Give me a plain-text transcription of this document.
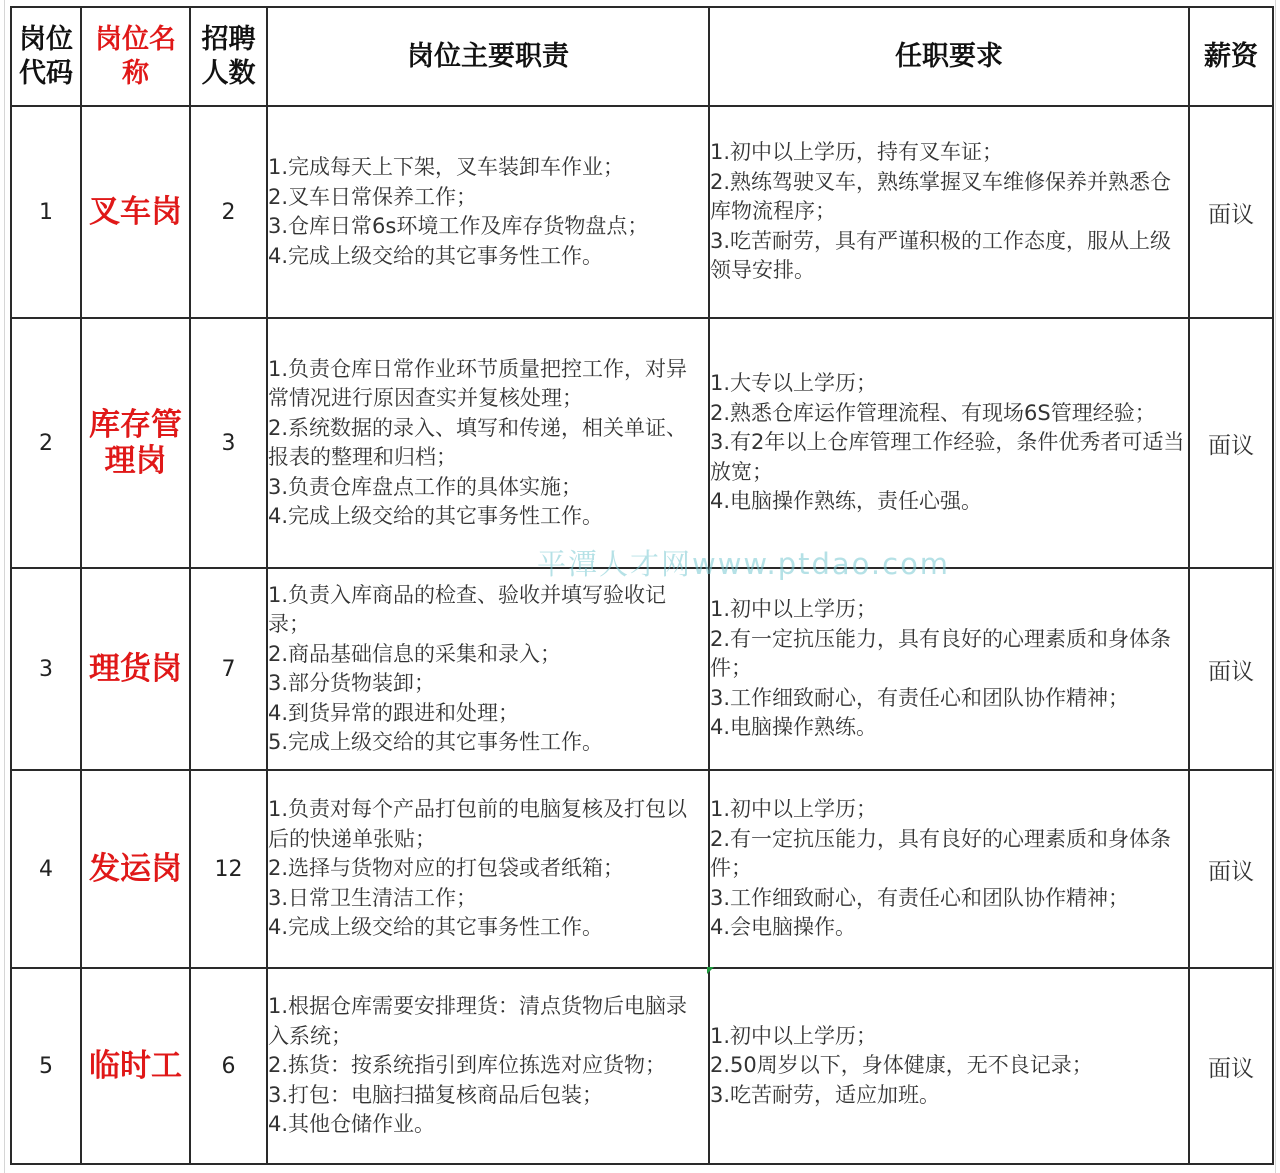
岗位代码	岗位名称	招聘人数	岗位主要职责	任职要求	薪资
1	叉车岗	2	1.完成每天上下架，叉车装卸车作业；
2.叉车日常保养工作；
3.仓库日常6s环境工作及库存货物盘点；
4.完成上级交给的其它事务性工作。	1.初中以上学历，持有叉车证；
2.熟练驾驶叉车，熟练掌握叉车维修保养并熟悉仓库物流程序；
3.吃苦耐劳，具有严谨积极的工作态度，服从上级领导安排。	面议
2	库存管理岗	3	1.负责仓库日常作业环节质量把控工作，对异常情况进行原因查实并复核处理；
2.系统数据的录入、填写和传递，相关单证、报表的整理和归档；
3.负责仓库盘点工作的具体实施；
4.完成上级交给的其它事务性工作。	1.大专以上学历；
2.熟悉仓库运作管理流程、有现场6S管理经验；
3.有2年以上仓库管理工作经验，条件优秀者可适当放宽；
4.电脑操作熟练，责任心强。	面议
3	理货岗	7	1.负责入库商品的检查、验收并填写验收记录；
2.商品基础信息的采集和录入；
3.部分货物装卸；
4.到货异常的跟进和处理；
5.完成上级交给的其它事务性工作。	1.初中以上学历；
2.有一定抗压能力，具有良好的心理素质和身体条件；
3.工作细致耐心，有责任心和团队协作精神；
4.电脑操作熟练。	面议
4	发运岗	12	1.负责对每个产品打包前的电脑复核及打包以后的快递单张贴；
2.选择与货物对应的打包袋或者纸箱；
3.日常卫生清洁工作；
4.完成上级交给的其它事务性工作。	1.初中以上学历；
2.有一定抗压能力，具有良好的心理素质和身体条件；
3.工作细致耐心，有责任心和团队协作精神；
4.会电脑操作。	面议
5	临时工	6	1.根据仓库需要安排理货：清点货物后电脑录入系统；
2.拣货：按系统指引到库位拣选对应货物；
3.打包：电脑扫描复核商品后包装；
4.其他仓储作业。	1.初中以上学历；
2.50周岁以下，身体健康，无不良记录；
3.吃苦耐劳，适应加班。	面议
平潭人才网www.ptdao.com
